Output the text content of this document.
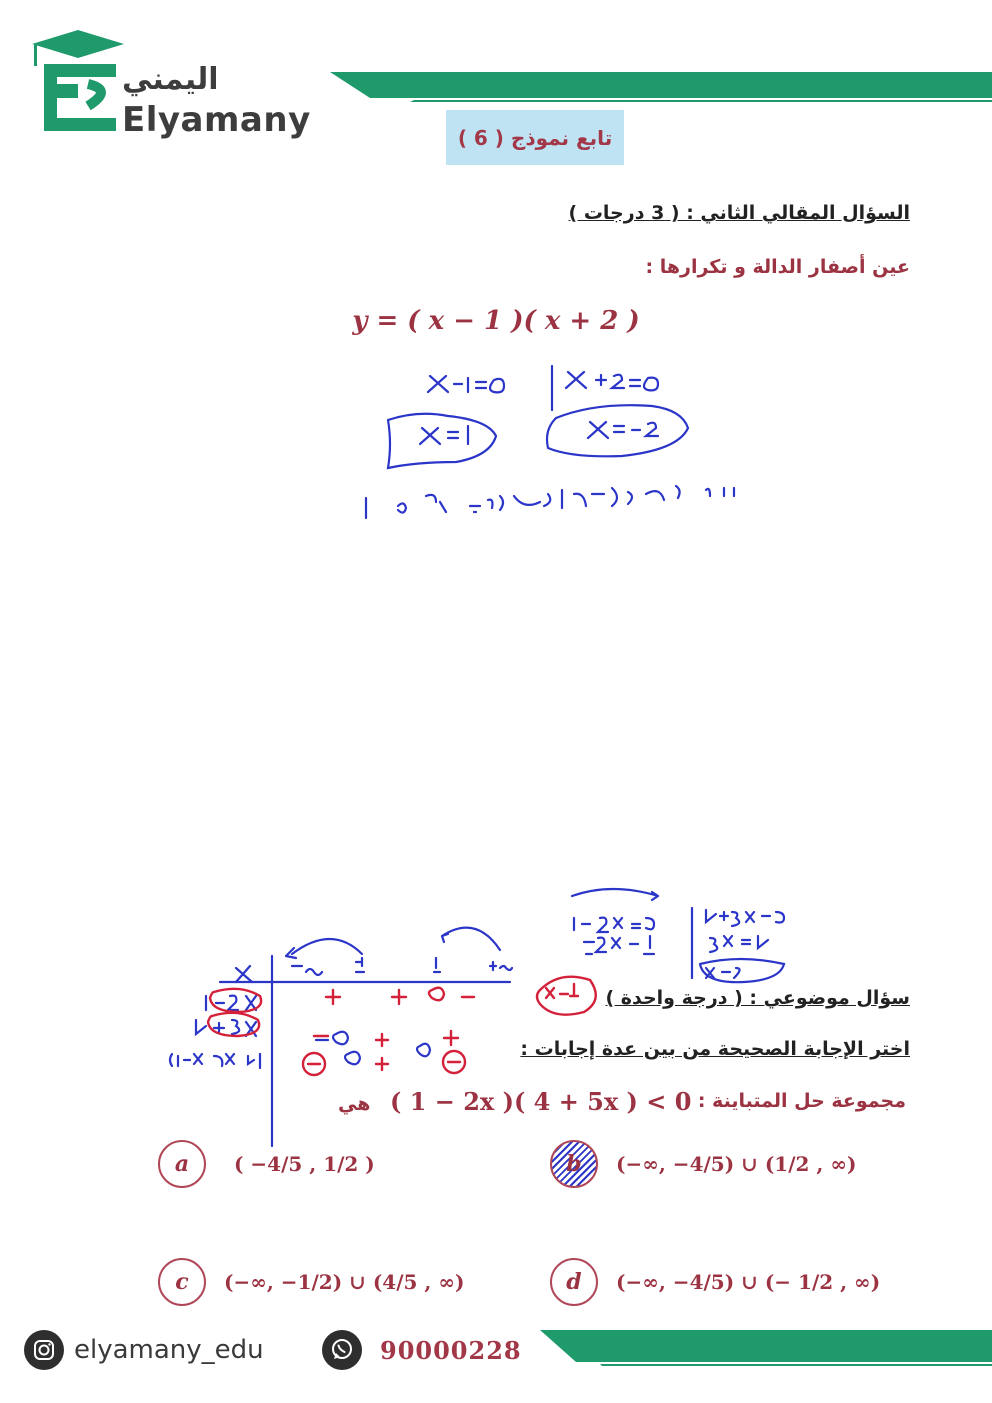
اليمني
Elyamany	تابع نموذج ( 6 )
السؤال المقالي الثاني : ( 3 درجات )
عين أصفار الدالة و تكرارها :
y = ( x − 1 )( x + 2 )
سؤال موضوعي : ( درجة واحدة )
اختر الإجابة الصحيحة من بين عدة إجابات :
مجموعة حل المتباينة :
( 1 − 2x )( 4 + 5x ) < 0
هي
a	( −4/5 , 1/2 )	b	(−∞, −4/5) ∪ (1/2 , ∞)
c	(−∞, −1/2) ∪ (4/5 , ∞)	d	(−∞, −4/5) ∪ (− 1/2 , ∞)
elyamany_edu	90000228
